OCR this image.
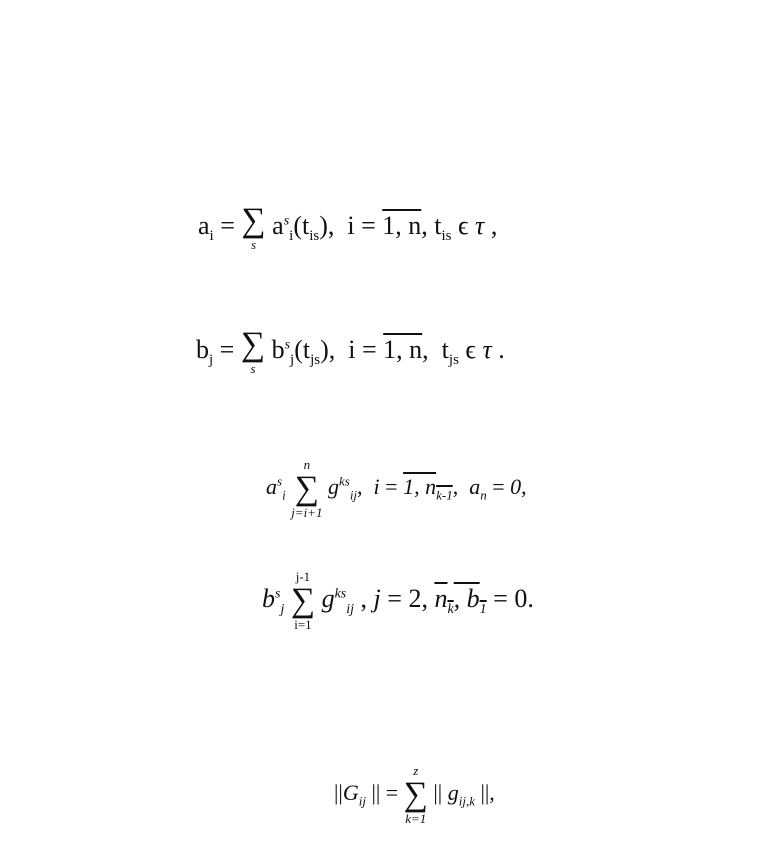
$a_i$ = ∑
s
$a^s_i(t_{is})$,  i = 1, n, $t_{is}$ ϵ τ ,
$b_j$ = ∑
s
$b^s_j(t_{js})$,  i = 1, n,  $t_{js}$ ϵ τ .
$a^s_i$
n
∑
j=i+1
$g^{ks}_{ij}$,  i = 1, $n_{k-1}$,  $a_n = 0$,
$b^s_j$
j-1
∑
i=1
$g^{ks}_{ij}$ , j = 2, $n_k$, $b_1 = 0$.
$||G_{ij}$ || =
z
∑
k=1
|| $g_{ij,k}$ ||,
